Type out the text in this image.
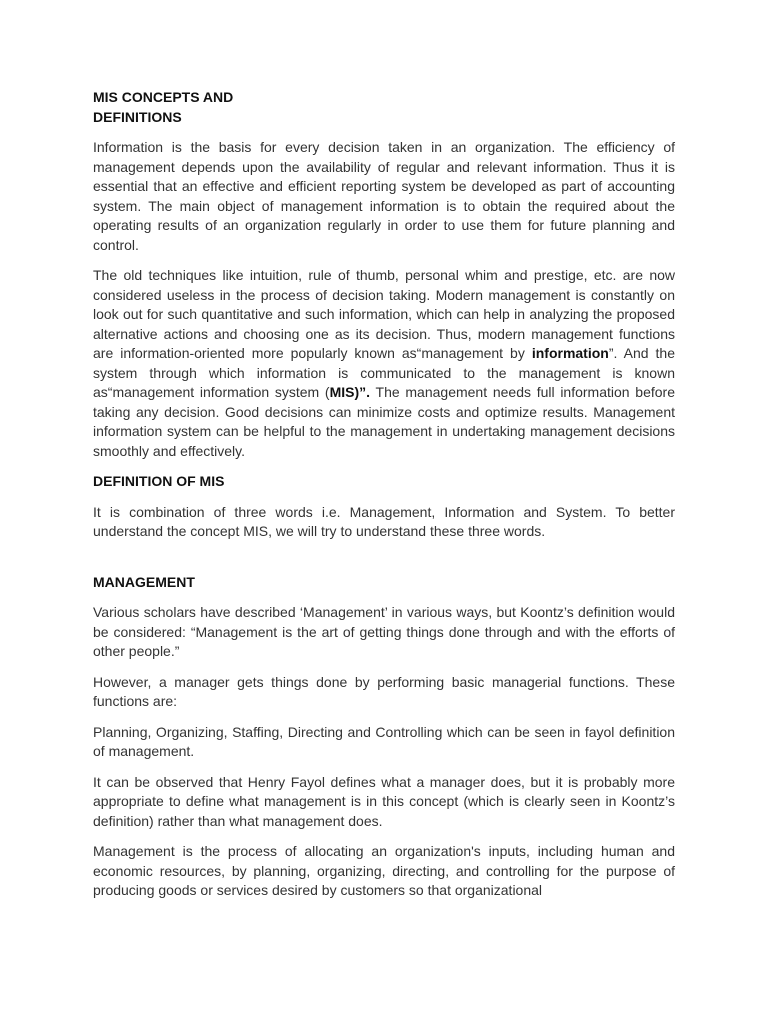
MIS CONCEPTS AND

DEFINITIONS

Information is the basis for every decision taken in an organization. The efficiency of management depends upon the availability of regular and relevant information. Thus it is essential that an effective and efficient reporting system be developed as part of accounting system. The main object of management information is to obtain the required about the operating results of an organization regularly in order to use them for future planning and control.

The old techniques like intuition, rule of thumb, personal whim and prestige, etc. are now considered useless in the process of decision taking. Modern management is constantly on look out for such quantitative and such information, which can help in analyzing the proposed alternative actions and choosing one as its decision. Thus, modern management functions are information-oriented more popularly known as“management by information”. And the system through which information is communicated to the management is known as“management information system (MIS)”. The management needs full information before taking any decision. Good decisions can minimize costs and optimize results. Management information system can be helpful to the management in undertaking management decisions smoothly and effectively.

DEFINITION OF MIS

It is combination of three words i.e. Management, Information and System. To better understand the concept MIS, we will try to understand these three words.

MANAGEMENT

Various scholars have described ‘Management’ in various ways, but Koontz’s definition would be considered: “Management is the art of getting things done through and with the efforts of other people.”

However, a manager gets things done by performing basic managerial functions. These functions are:

Planning, Organizing, Staffing, Directing and Controlling which can be seen in fayol definition of management.

It can be observed that Henry Fayol defines what a manager does, but it is probably more appropriate to define what management is in this concept (which is clearly seen in Koontz’s definition) rather than what management does.

Management is the process of allocating an organization's inputs, including human and economic resources, by planning, organizing, directing, and controlling for the purpose of producing goods or services desired by customers so that organizational
